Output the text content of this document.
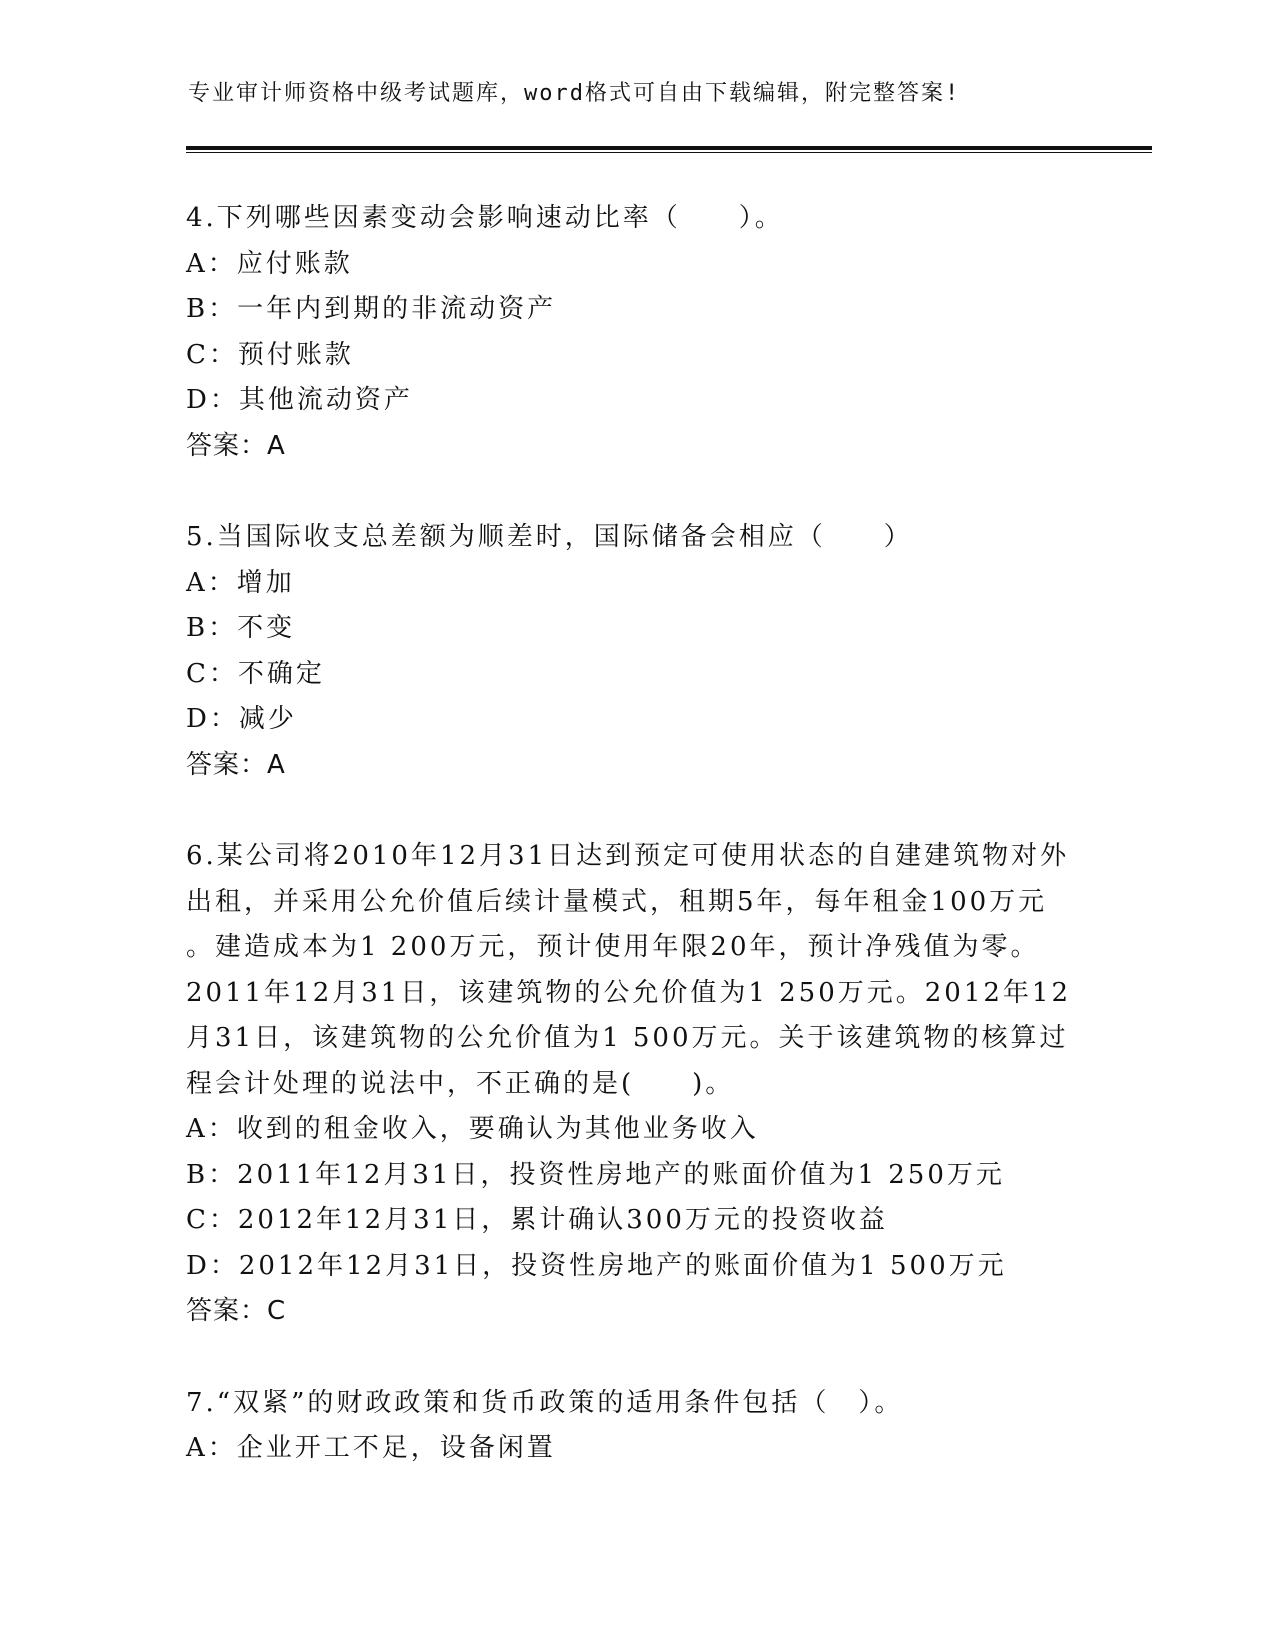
专业审计师资格中级考试题库，word格式可自由下载编辑，附完整答案!
4.下列哪些因素变动会影响速动比率（　　）。
A：应付账款
B：一年内到期的非流动资产
C：预付账款
D：其他流动资产
答案：A
5.当国际收支总差额为顺差时，国际储备会相应（　　）
A：增加
B：不变
C：不确定
D：减少
答案：A
6.某公司将2010年12月31日达到预定可使用状态的自建建筑物对外
出租，并采用公允价值后续计量模式，租期5年，每年租金100万元
。建造成本为1 200万元，预计使用年限20年，预计净残值为零。
2011年12月31日，该建筑物的公允价值为1 250万元。2012年12
月31日，该建筑物的公允价值为1 500万元。关于该建筑物的核算过
程会计处理的说法中，不正确的是(　　)。
A：收到的租金收入，要确认为其他业务收入
B：2011年12月31日，投资性房地产的账面价值为1 250万元
C：2012年12月31日，累计确认300万元的投资收益
D：2012年12月31日，投资性房地产的账面价值为1 500万元
答案：C
7.“双紧”的财政政策和货币政策的适用条件包括（　）。
A：企业开工不足，设备闲置
